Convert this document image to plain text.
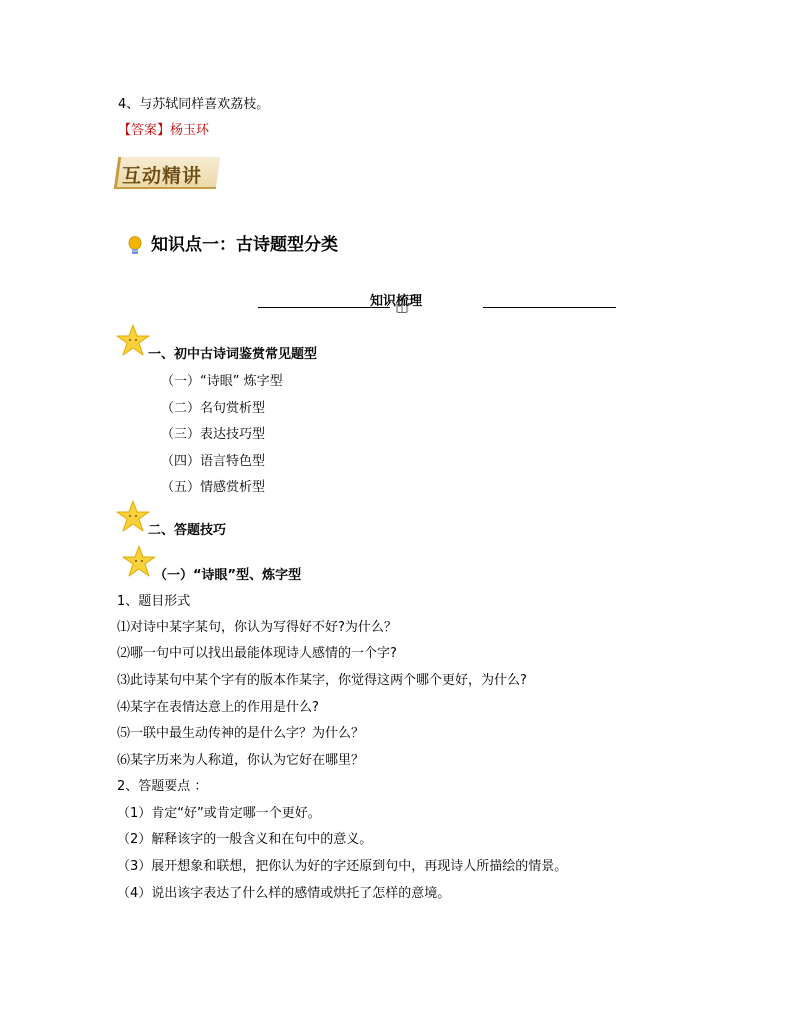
4、与苏轼同样喜欢荔枝。
【答案】杨玉环
互动精讲
知识点一：古诗题型分类
知识梳理
一、初中古诗词鉴赏常见题型
（一）“诗眼” 炼字型
（二）名句赏析型
（三）表达技巧型
（四）语言特色型
（五）情感赏析型
二、答题技巧
（一）“诗眼”型、炼字型
1、题目形式
⑴对诗中某字某句，你认为写得好不好?为什么？
⑵哪一句中可以找出最能体现诗人感情的一个字?
⑶此诗某句中某个字有的版本作某字，你觉得这两个哪个更好，为什么?
⑷某字在表情达意上的作用是什么?
⑸一联中最生动传神的是什么字？为什么？
⑹某字历来为人称道，你认为它好在哪里？
2、答题要点 ：
（1）肯定“好”或肯定哪一个更好。
（2）解释该字的一般含义和在句中的意义。
（3）展开想象和联想，把你认为好的字还原到句中，再现诗人所描绘的情景。
（4）说出该字表达了什么样的感情或烘托了怎样的意境。
